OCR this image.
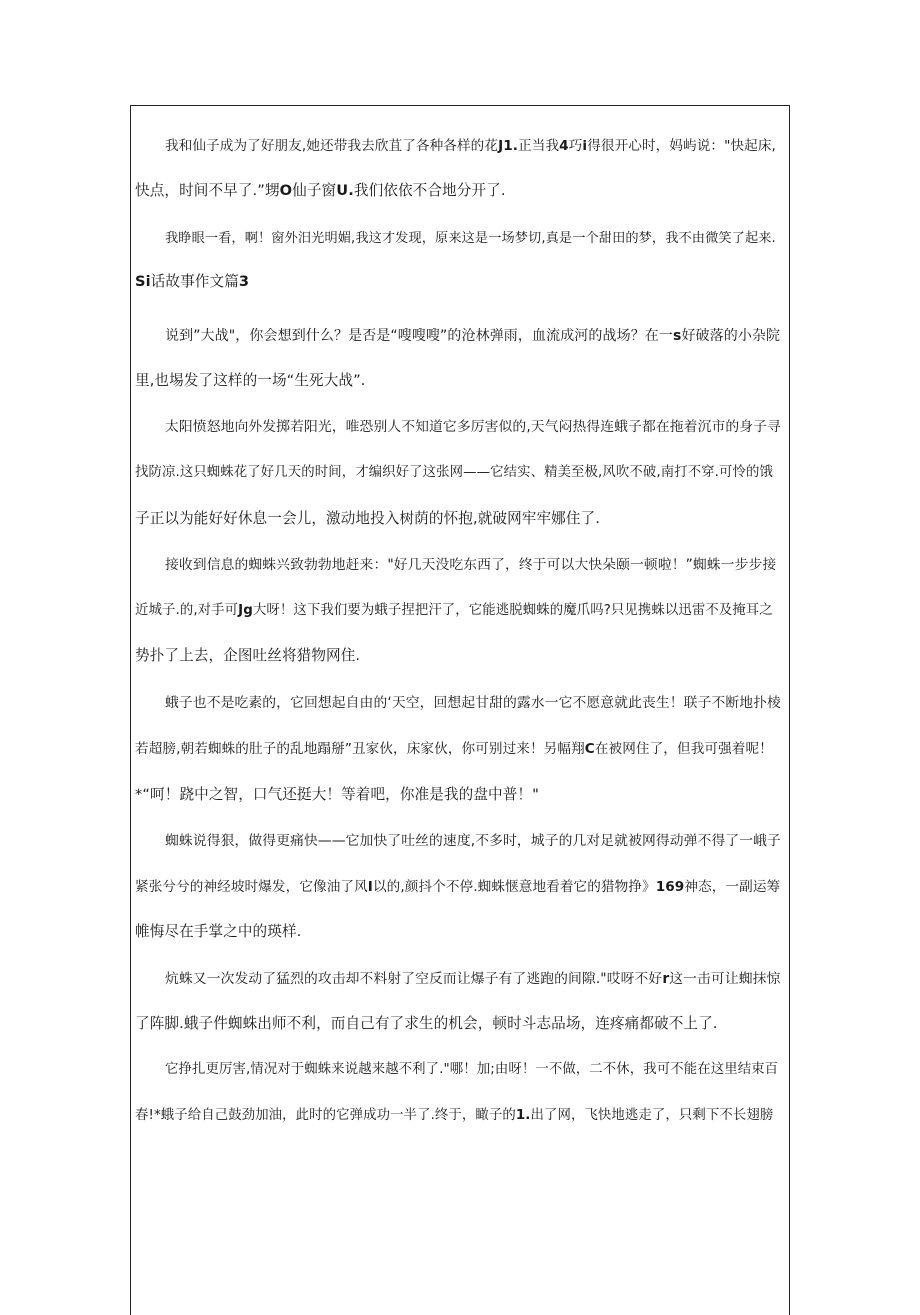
我和仙子成为了好朋友,她还带我去欣苴了各种各样的花J1.正当我4巧i得很开心时，妈屿说："快起床,
快点，时间不早了.”甥O仙子窗U.我们依依不合地分开了.
我睁眼一看，啊！窗外汨光明媚,我这才发现，原来这是一场梦切,真是一个甜田的梦，我不由微笑了起来.
Si话故事作文篇3
说到”大战"，你会想到什么？是否是“嗖嗖嗖”的沧林弹雨，血流成河的战场？在一s好破落的小杂院
里,也埸发了这样的一场“生死大战”.
太阳愤怒地向外发掷若阳光，唯恐别人不知道它多厉害似的,天气闷热得连蛾子都在拖着沉市的身子寻
找防凉.这只蜘蛛花了好几天的时间，才编织好了这张网——它结实、精美至极,风吹不破,南打不穿.可怜的饿
子正以为能好好休息一会儿，激动地投入树荫的怀抱,就破网牢牢娜住了.
接收到信息的蜘蛛兴致勃勃地赶来："好几天没吃东西了，终于可以大快朵颐一顿啦！”蜘蛛一步步接
近城子.的,对手可Jg大呀！这下我们要为蛾子捏把汗了，它能逃脱蜘蛛的魔爪吗?只见携蛛以迅雷不及掩耳之
势扑了上去，企图吐丝将猎物网住.
蛾子也不是吃素的，它回想起自由的‘天空，回想起甘甜的露水一它不愿意就此丧生！联子不断地扑棱
若超膀,朝若蜘蛛的肚子的乱地蹋掰”丑家伙，床家伙，你可别过来！另幅翔C在被网住了，但我可强着呢！
*“呵！跷中之智，口气还挺大！等着吧，你准是我的盘中普！"
蜘蛛说得狠，做得更痛快——它加快了吐丝的速度,不多时，城子的几对足就被网得动弹不得了一峨子
紧张兮兮的神经坡时爆发，它像油了风I以的,颜抖个不停.蜘蛛惬意地看着它的猎物挣》169神态，一副运筹
帷悔尽在手掌之中的瑛样.
炕蛛又一次发动了猛烈的攻击却不料射了空反而让爆子有了逃跑的间隙."哎呀不好r这一击可让蜘抹惊
了阵脚.蛾子件蜘蛛出师不利，而自己有了求生的机会，顿时斗志品场，连疼痛都破不上了.
它挣扎更厉害,情况对于蜘蛛来说越来越不利了."哪！加;由呀！一不做，二不休，我可不能在这里结束百
春!*蛾子给自己鼓劲加油，此时的它弹成功一半了.终于，瞰子的1.出了网，飞快地逃走了，只剩下不长翅膀
